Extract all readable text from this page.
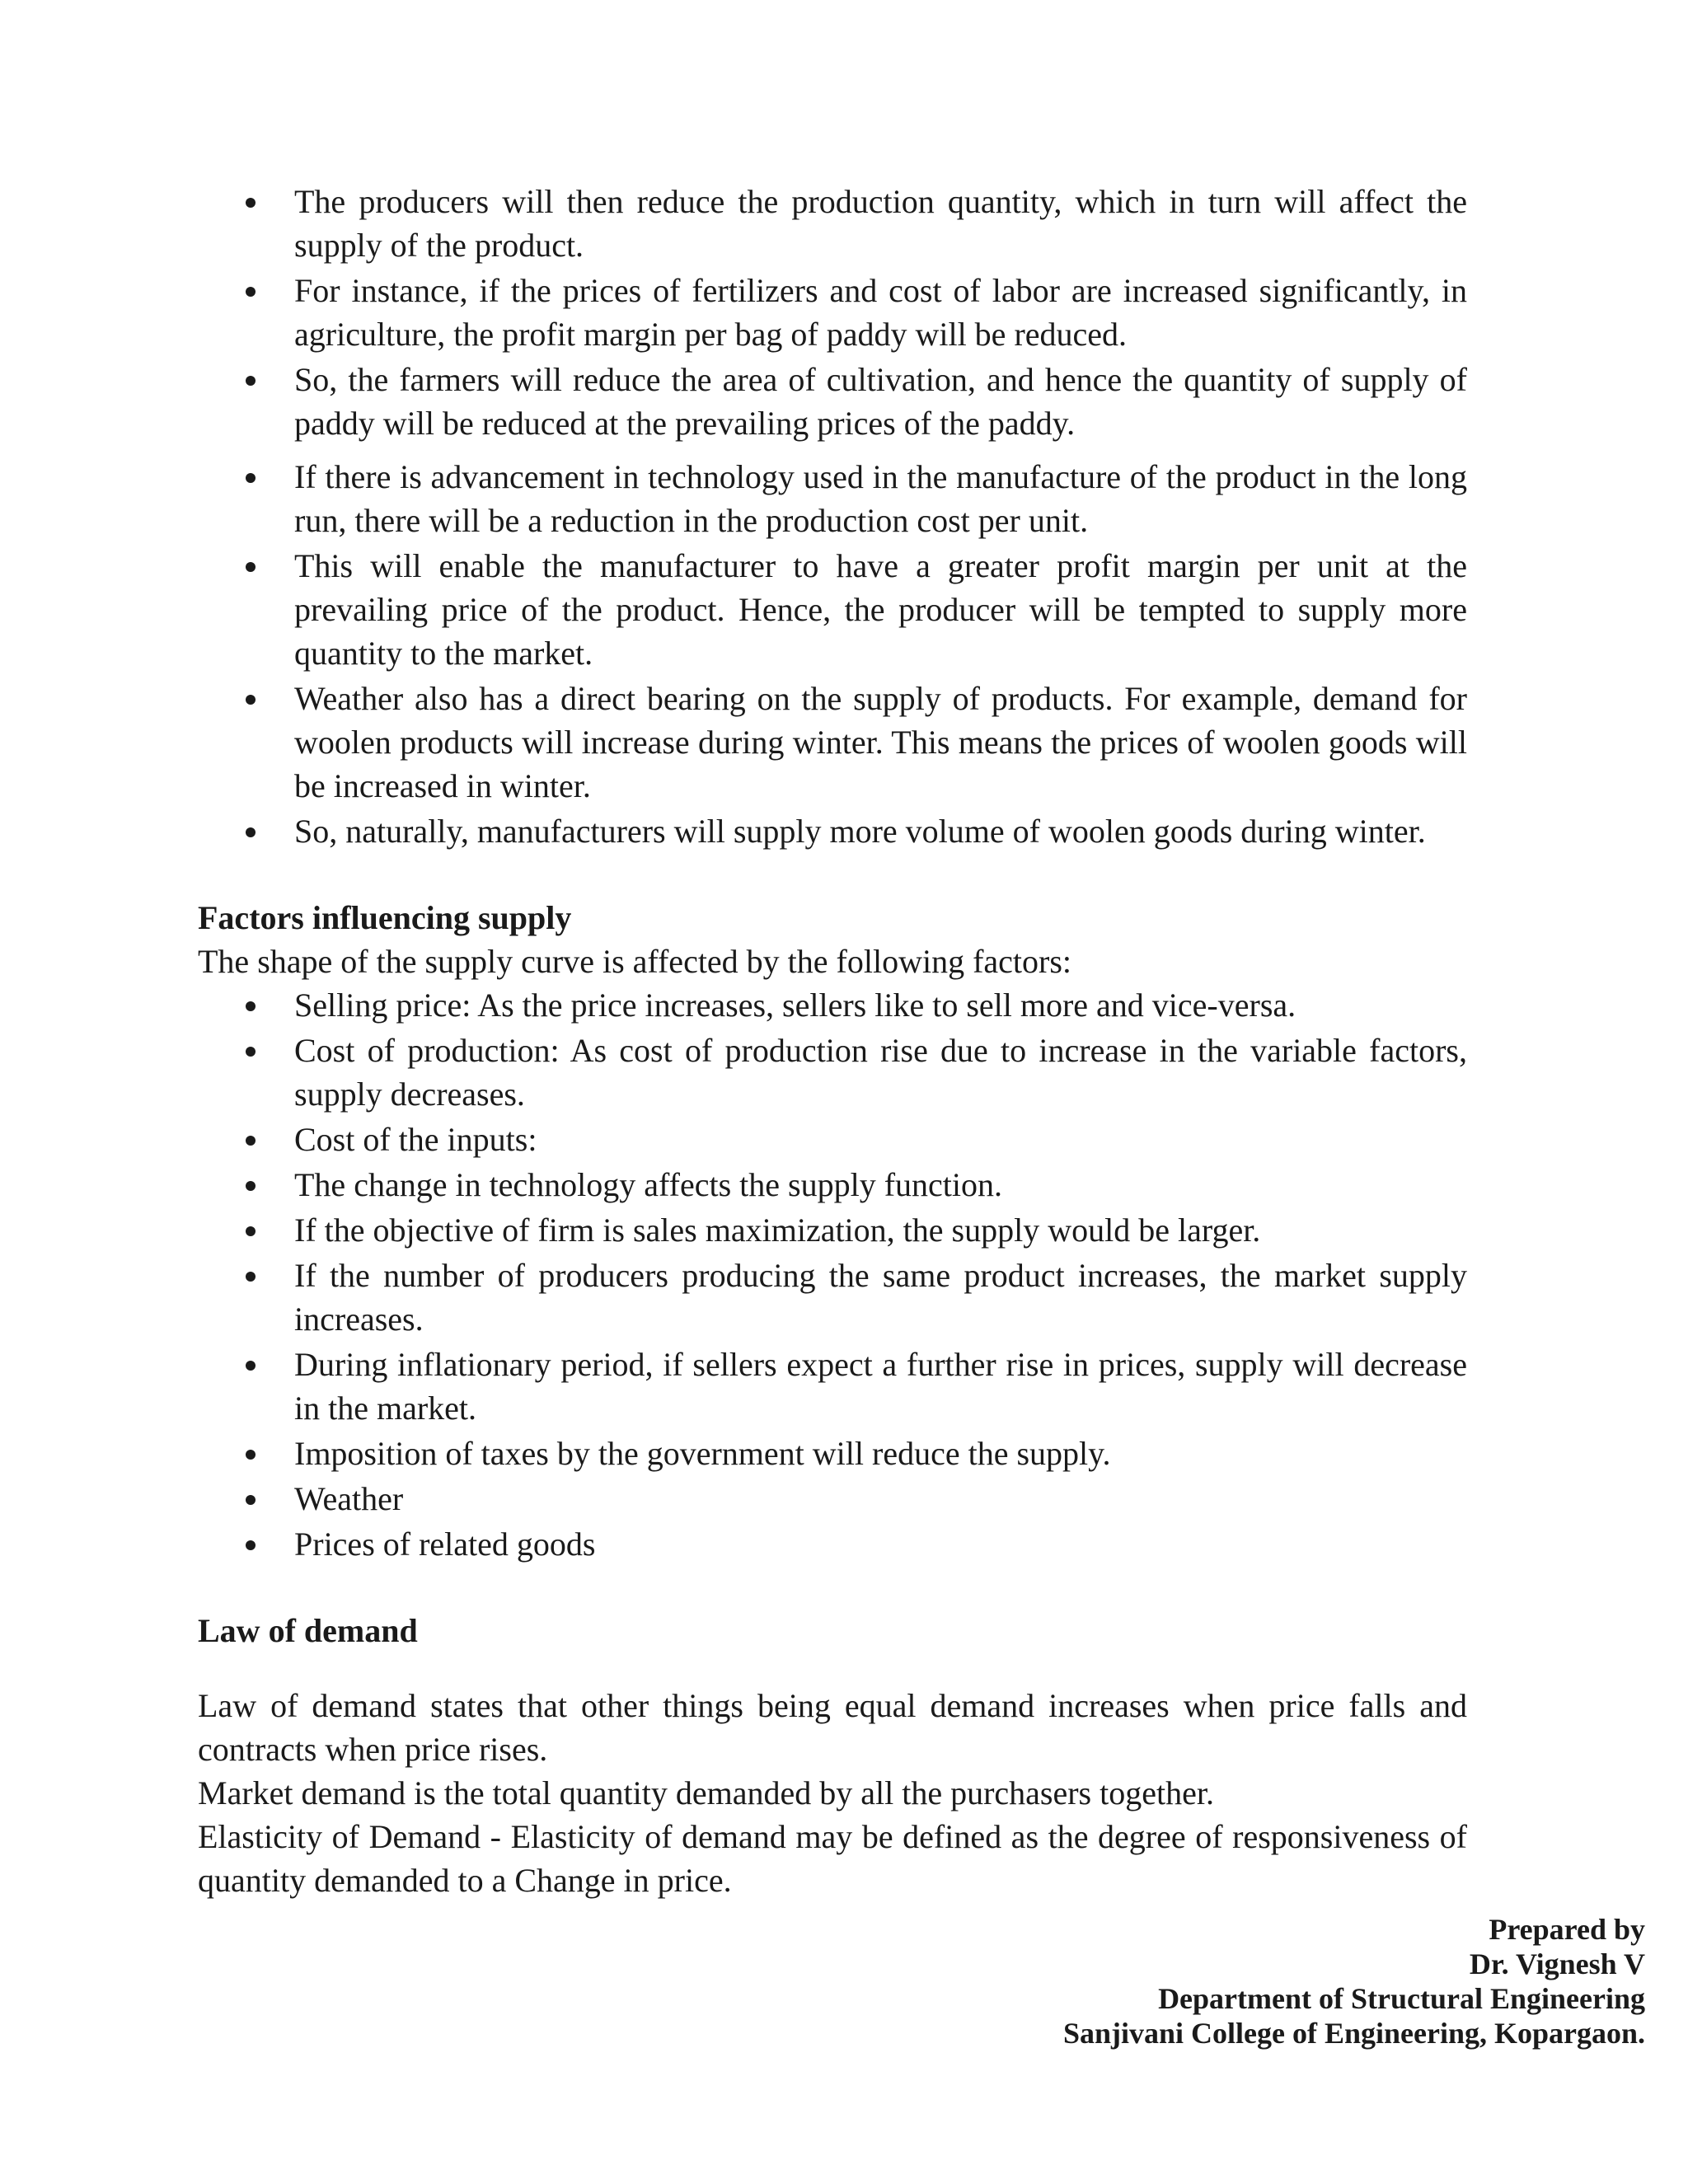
The producers will then reduce the production quantity, which in turn will affect the supply of the product.
For instance, if the prices of fertilizers and cost of labor are increased significantly, in agriculture, the profit margin per bag of paddy will be reduced.
So, the farmers will reduce the area of cultivation, and hence the quantity of supply of paddy will be reduced at the prevailing prices of the paddy.
If there is advancement in technology used in the manufacture of the product in the long run, there will be a reduction in the production cost per unit.
This will enable the manufacturer to have a greater profit margin per unit at the prevailing price of the product. Hence, the producer will be tempted to supply more quantity to the market.
Weather also has a direct bearing on the supply of products. For example, demand for woolen products will increase during winter. This means the prices of woolen goods will be increased in winter.
So, naturally, manufacturers will supply more volume of woolen goods during winter.

Factors influencing supply

The shape of the supply curve is affected by the following factors:

Selling price: As the price increases, sellers like to sell more and vice-versa.
Cost of production: As cost of production rise due to increase in the variable factors, supply decreases.
Cost of the inputs:
The change in technology affects the supply function.
If the objective of firm is sales maximization, the supply would be larger.
If the number of producers producing the same product increases, the market supply increases.
During inflationary period, if sellers expect a further rise in prices, supply will decrease in the market.
Imposition of taxes by the government will reduce the supply.
Weather
Prices of related goods

Law of demand

Law of demand states that other things being equal demand increases when price falls and contracts when price rises.

Market demand is the total quantity demanded by all the purchasers together.

Elasticity of Demand - Elasticity of demand may be defined as the degree of responsiveness of quantity demanded to a Change in price.

Prepared by
Dr. Vignesh V
Department of Structural Engineering
Sanjivani College of Engineering, Kopargaon.
